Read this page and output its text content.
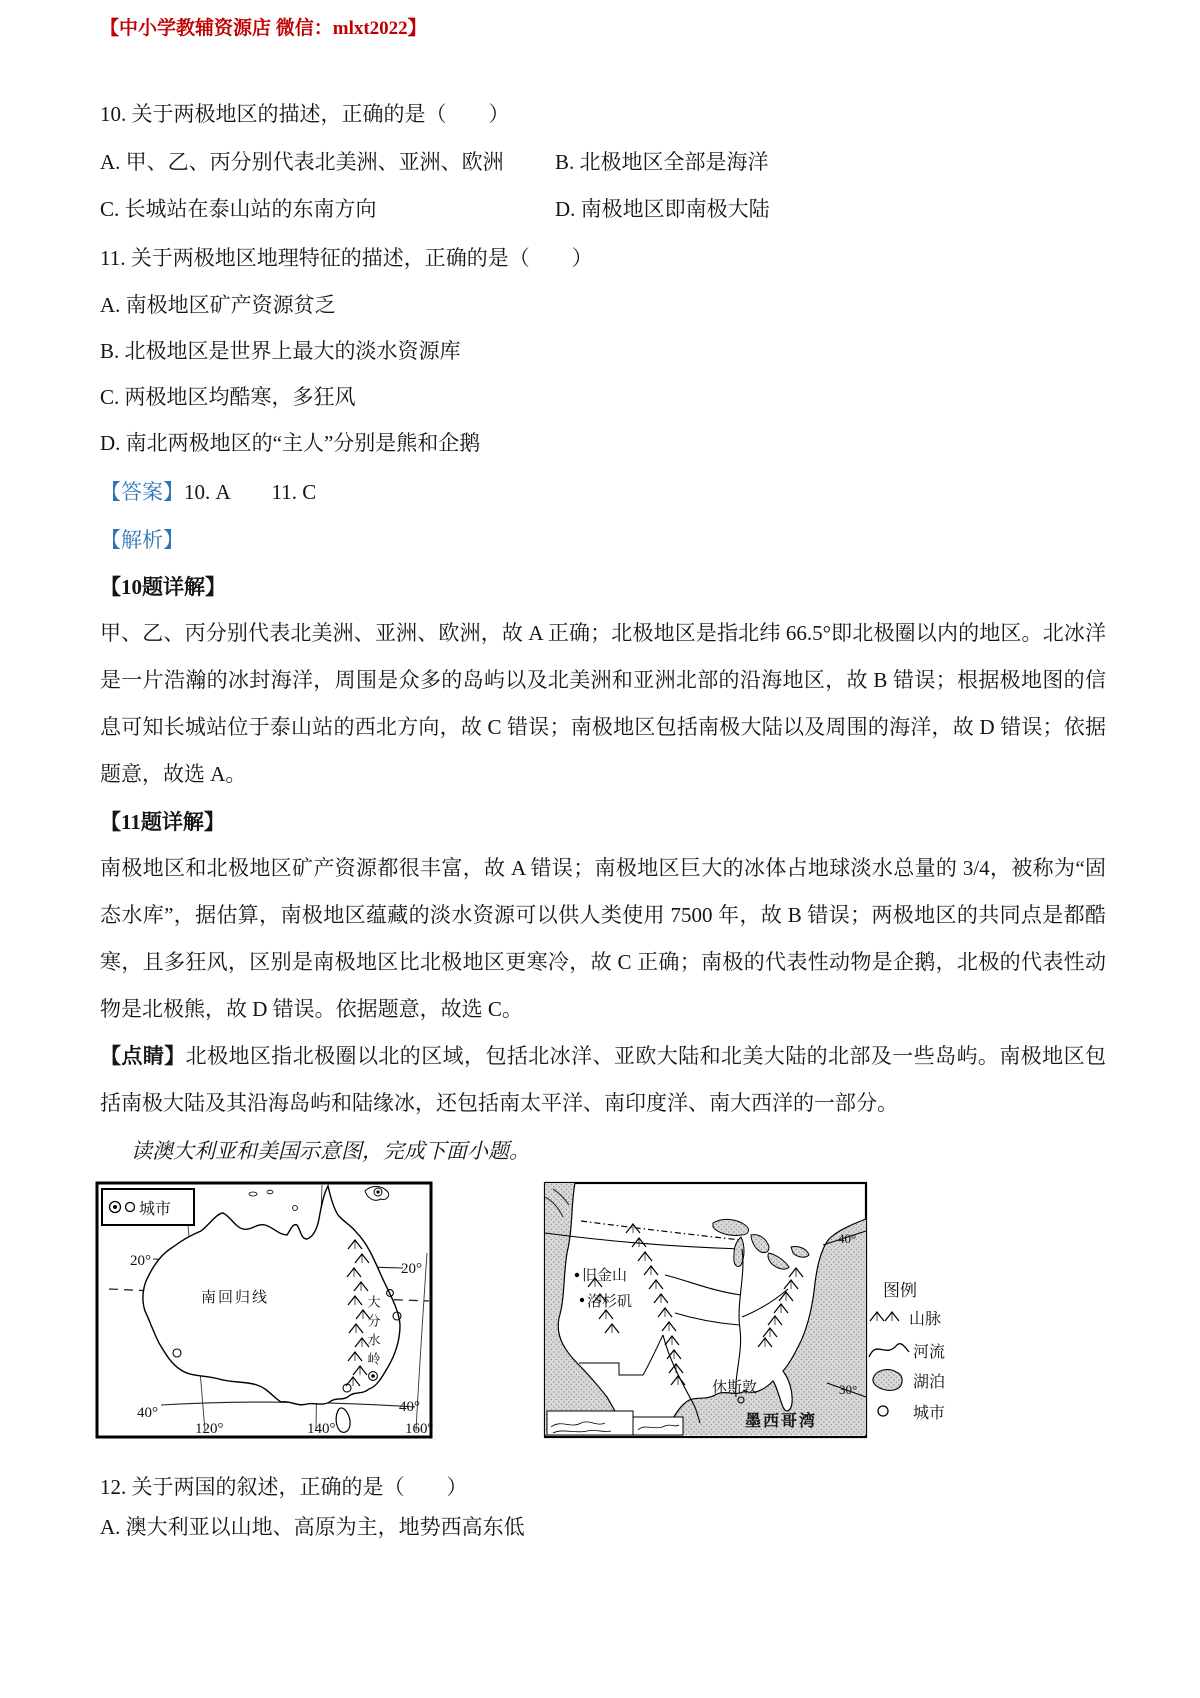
【中小学教辅资源店 微信：mlxt2022】
10. 关于两极地区的描述，正确的是（　　）
A. 甲、乙、丙分别代表北美洲、亚洲、欧洲 B. 北极地区全部是海洋
C. 长城站在泰山站的东南方向	D. 南极地区即南极大陆
11. 关于两极地区地理特征的描述，正确的是（　　）
A. 南极地区矿产资源贫乏
B. 北极地区是世界上最大的淡水资源库
C. 两极地区均酷寒，多狂风
D. 南北两极地区的“主人”分别是熊和企鹅
【答案】10. A　　11. C
【解析】
【10题详解】
甲、乙、丙分别代表北美洲、亚洲、欧洲，故 A 正确；北极地区是指北纬 66.5°即北极圈以内的地区。北冰洋是一片浩瀚的冰封海洋，周围是众多的岛屿以及北美洲和亚洲北部的沿海地区，故 B 错误；根据极地图的信息可知长城站位于泰山站的西北方向，故 C 错误；南极地区包括南极大陆以及周围的海洋，故 D 错误；依据题意，故选 A。
【11题详解】
南极地区和北极地区矿产资源都很丰富，故 A 错误；南极地区巨大的冰体占地球淡水总量的 3/4，被称为“固态水库”，据估算，南极地区蕴藏的淡水资源可以供人类使用 7500 年，故 B 错误；两极地区的共同点是都酷寒，且多狂风，区别是南极地区比北极地区更寒冷，故 C 正确；南极的代表性动物是企鹅，北极的代表性动物是北极熊，故 D 错误。依据题意，故选 C。
【点睛】北极地区指北极圈以北的区域，包括北冰洋、亚欧大陆和北美大陆的北部及一些岛屿。南极地区包括南极大陆及其沿海岛屿和陆缘冰，还包括南太平洋、南印度洋、南大西洋的一部分。
读澳大利亚和美国示意图，完成下面小题。
大分水岭
城市
20°	20°
40°	40°
120°	140°	160°
南回归线
40°
30°
旧金山
洛杉矶
休斯敦
墨西哥湾
图例
山脉
河流
湖泊
城市
12. 关于两国的叙述，正确的是（　　）
A. 澳大利亚以山地、高原为主，地势西高东低
